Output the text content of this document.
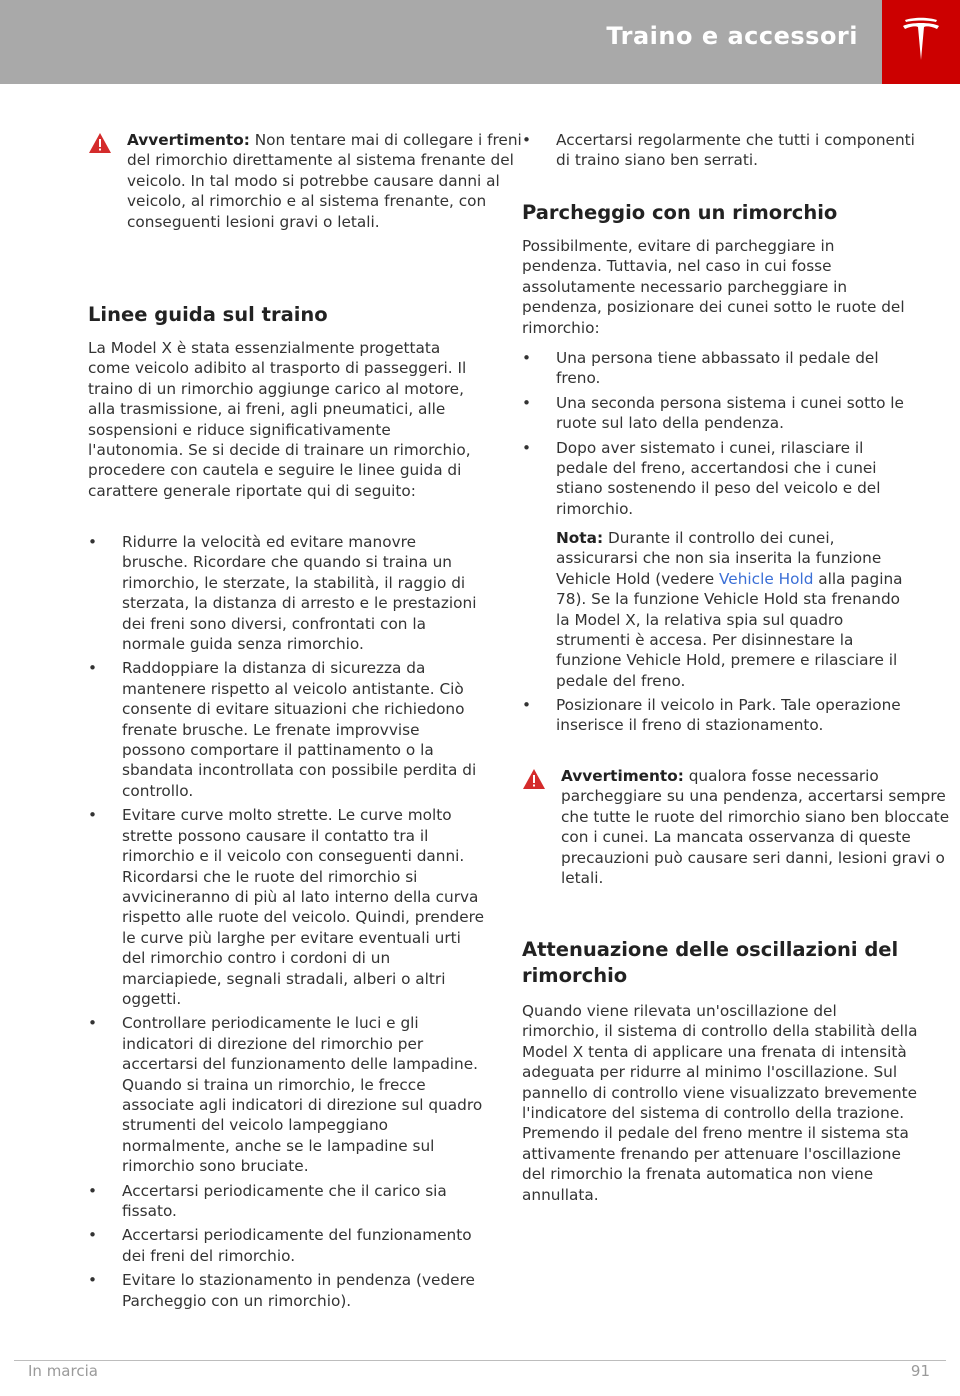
Traino e accessori

Avvertimento: Non tentare mai di collegare i freni del rimorchio direttamente al sistema frenante del veicolo. In tal modo si potrebbe causare danni al veicolo, al rimorchio e al sistema frenante, con conseguenti lesioni gravi o letali.

Linee guida sul traino

La Model X è stata essenzialmente progettata come veicolo adibito al trasporto di passeggeri. Il traino di un rimorchio aggiunge carico al motore, alla trasmissione, ai freni, agli pneumatici, alle sospensioni e riduce significativamente l'autonomia. Se si decide di trainare un rimorchio, procedere con cautela e seguire le linee guida di carattere generale riportate qui di seguito:

• Ridurre la velocità ed evitare manovre brusche. Ricordare che quando si traina un rimorchio, le sterzate, la stabilità, il raggio di sterzata, la distanza di arresto e le prestazioni dei freni sono diversi, confrontati con la normale guida senza rimorchio.
• Raddoppiare la distanza di sicurezza da mantenere rispetto al veicolo antistante. Ciò consente di evitare situazioni che richiedono frenate brusche. Le frenate improvvise possono comportare il pattinamento o la sbandata incontrollata con possibile perdita di controllo.
• Evitare curve molto strette. Le curve molto strette possono causare il contatto tra il rimorchio e il veicolo con conseguenti danni. Ricordarsi che le ruote del rimorchio si avvicineranno di più al lato interno della curva rispetto alle ruote del veicolo. Quindi, prendere le curve più larghe per evitare eventuali urti del rimorchio contro i cordoni di un marciapiede, segnali stradali, alberi o altri oggetti.
• Controllare periodicamente le luci e gli indicatori di direzione del rimorchio per accertarsi del funzionamento delle lampadine. Quando si traina un rimorchio, le frecce associate agli indicatori di direzione sul quadro strumenti del veicolo lampeggiano normalmente, anche se le lampadine sul rimorchio sono bruciate.
• Accertarsi periodicamente che il carico sia fissato.
• Accertarsi periodicamente del funzionamento dei freni del rimorchio.
• Evitare lo stazionamento in pendenza (vedere Parcheggio con un rimorchio).
• Accertarsi regolarmente che tutti i componenti di traino siano ben serrati.
Parcheggio con un rimorchio

Possibilmente, evitare di parcheggiare in pendenza. Tuttavia, nel caso in cui fosse assolutamente necessario parcheggiare in pendenza, posizionare dei cunei sotto le ruote del rimorchio:

• Una persona tiene abbassato il pedale del freno.
• Una seconda persona sistema i cunei sotto le ruote sul lato della pendenza.
• Dopo aver sistemato i cunei, rilasciare il pedale del freno, accertandosi che i cunei stiano sostenendo il peso del veicolo e del rimorchio.

Nota: Durante il controllo dei cunei, assicurarsi che non sia inserita la funzione Vehicle Hold (vedere Vehicle Hold alla pagina 78). Se la funzione Vehicle Hold sta frenando la Model X, la relativa spia sul quadro strumenti è accesa. Per disinnestare la funzione Vehicle Hold, premere e rilasciare il pedale del freno.

• Posizionare il veicolo in Park. Tale operazione inserisce il freno di stazionamento.

Avvertimento: qualora fosse necessario parcheggiare su una pendenza, accertarsi sempre che tutte le ruote del rimorchio siano ben bloccate con i cunei. La mancata osservanza di queste precauzioni può causare seri danni, lesioni gravi o letali.

Attenuazione delle oscillazioni del rimorchio

Quando viene rilevata un'oscillazione del rimorchio, il sistema di controllo della stabilità della Model X tenta di applicare una frenata di intensità adeguata per ridurre al minimo l'oscillazione. Sul pannello di controllo viene visualizzato brevemente l'indicatore del sistema di controllo della trazione. Premendo il pedale del freno mentre il sistema sta attivamente frenando per attenuare l'oscillazione del rimorchio la frenata automatica non viene annullata.

In marcia	91
